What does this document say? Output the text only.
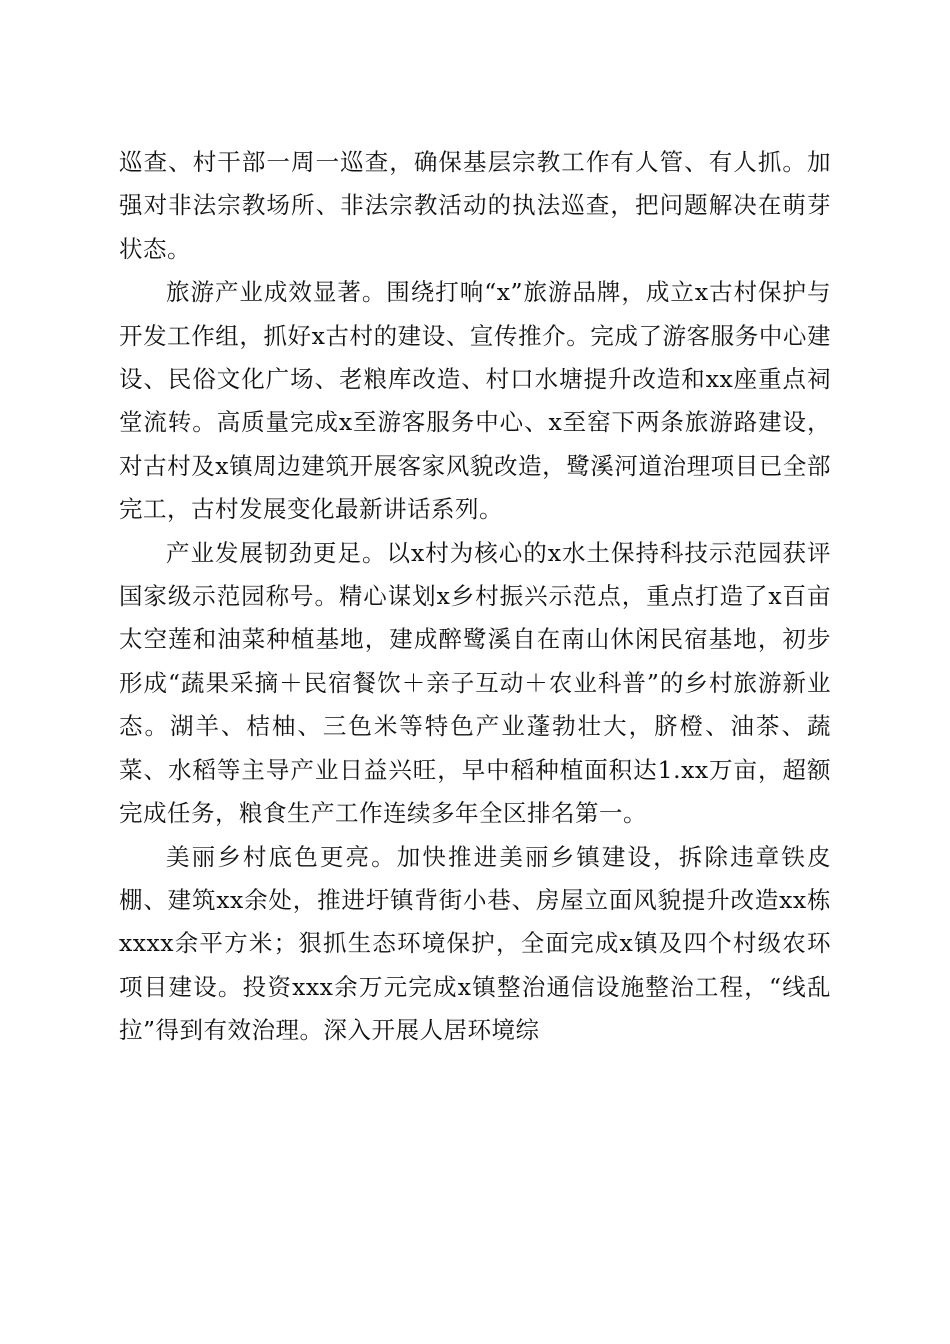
巡查、村干部一周一巡查，确保基层宗教工作有人管、有人抓。加强对非法宗教场所、非法宗教活动的执法巡查，把问题解决在萌芽状态。

旅游产业成效显著。围绕打响“x”旅游品牌，成立x古村保护与开发工作组，抓好x古村的建设、宣传推介。完成了游客服务中心建设、民俗文化广场、老粮库改造、村口水塘提升改造和xx座重点祠堂流转。高质量完成x至游客服务中心、x至窑下两条旅游路建设，对古村及x镇周边建筑开展客家风貌改造，鹭溪河道治理项目已全部完工，古村发展变化最新讲话系列。

产业发展韧劲更足。以x村为核心的x水土保持科技示范园获评国家级示范园称号。精心谋划x乡村振兴示范点，重点打造了x百亩太空莲和油菜种植基地，建成醉鹭溪自在南山休闲民宿基地，初步形成“蔬果采摘＋民宿餐饮＋亲子互动＋农业科普”的乡村旅游新业态。湖羊、桔柚、三色米等特色产业蓬勃壮大，脐橙、油茶、蔬菜、水稻等主导产业日益兴旺，早中稻种植面积达1.xx万亩，超额完成任务，粮食生产工作连续多年全区排名第一。

美丽乡村底色更亮。加快推进美丽乡镇建设，拆除违章铁皮棚、建筑xx余处，推进圩镇背街小巷、房屋立面风貌提升改造xx栋xxxx余平方米；狠抓生态环境保护，全面完成x镇及四个村级农环项目建设。投资xxx余万元完成x镇整治通信设施整治工程，“线乱拉”得到有效治理。深入开展人居环境综
